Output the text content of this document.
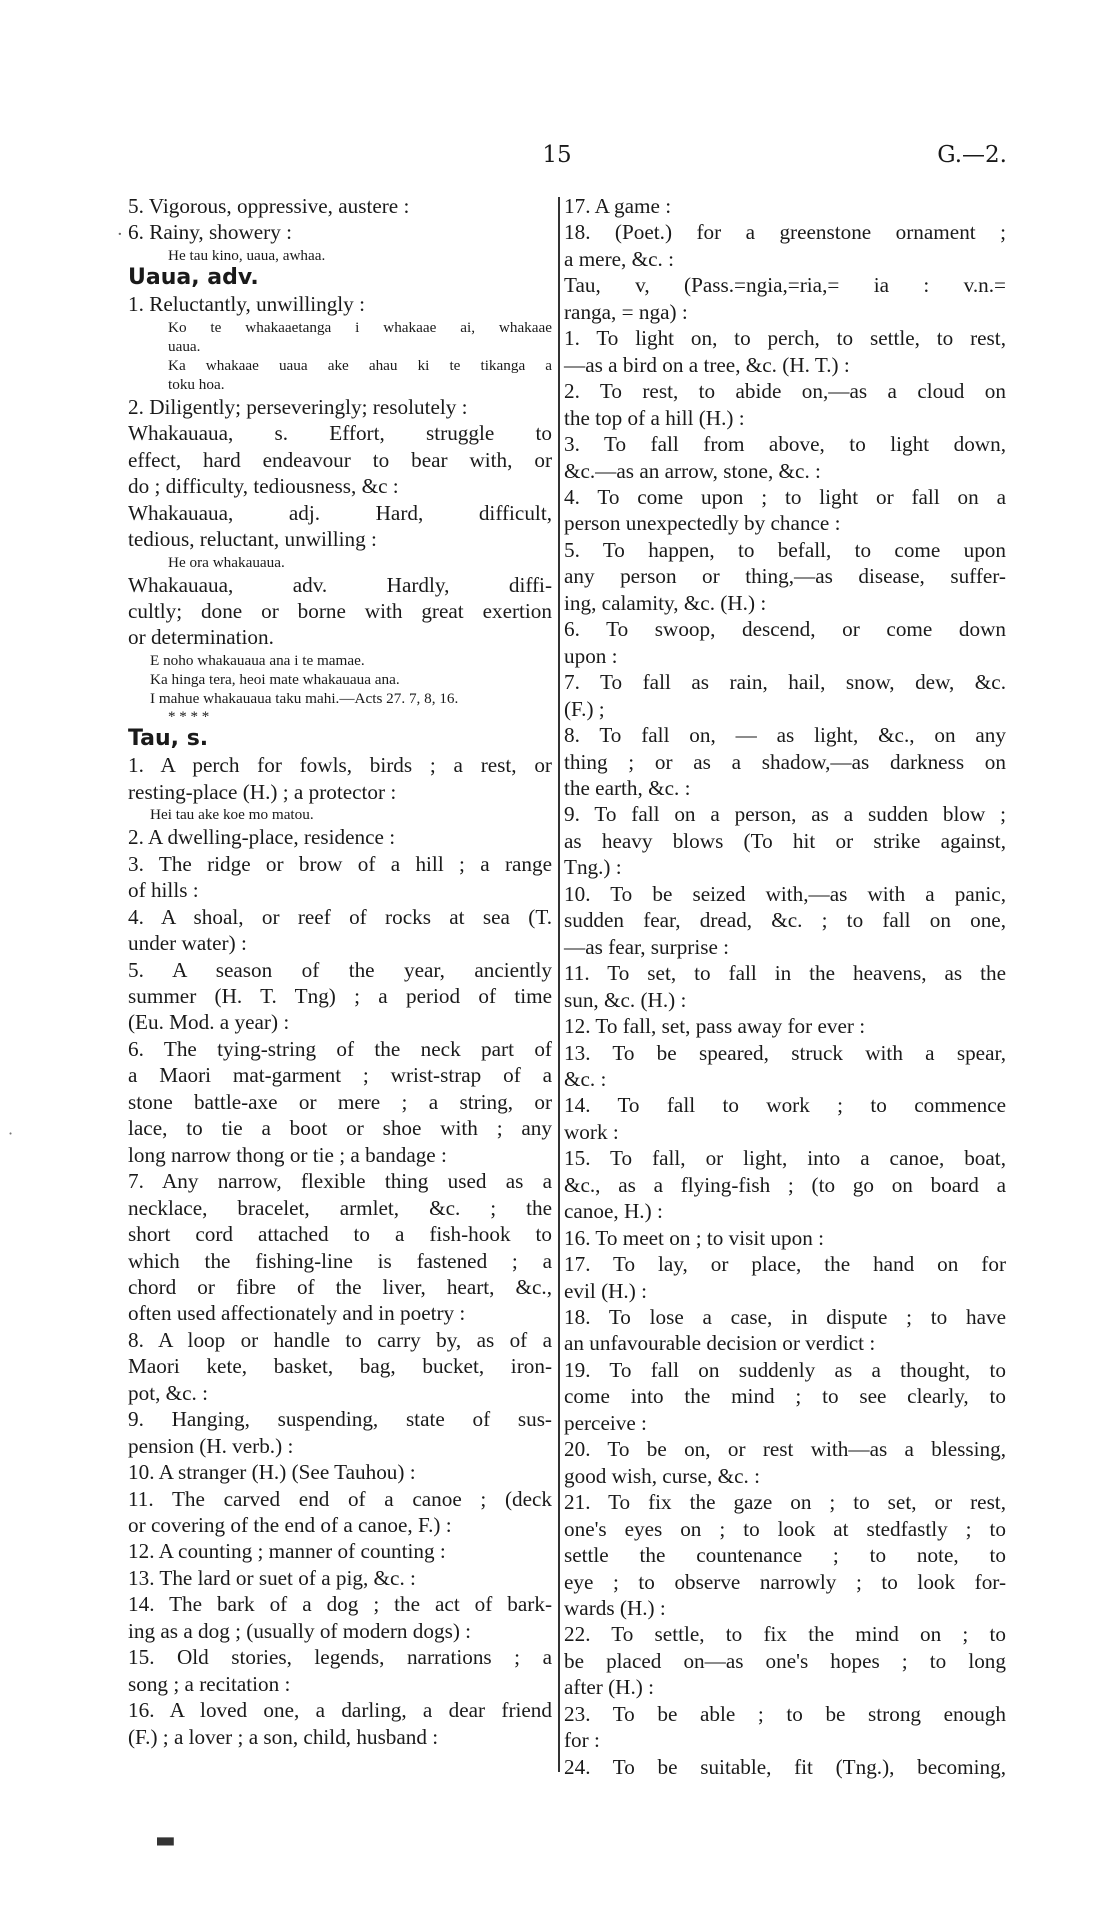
15	G.—2.
·
·
▬
5. Vigorous, oppressive, austere :
6. Rainy, showery :
He tau kino, uaua, awhaa.
Uaua, adv.
1. Reluctantly, unwillingly :
Ko te whakaaetanga i whakaae ai, whakaae
uaua.
Ka whakaae uaua ake ahau ki te tikanga a
toku hoa.
2. Diligently; perseveringly; resolutely :
Whakauaua, s. Effort, struggle to
effect, hard endeavour to bear with, or
do ; difficulty, tediousness, &c :
Whakauaua, adj. Hard, difficult,
tedious, reluctant, unwilling :
He ora whakauaua.
Whakauaua, adv. Hardly, diffi-
cultly; done or borne with great exertion
or determination.
E noho whakauaua ana i te mamae.
Ka hinga tera, heoi mate whakauaua ana.
I mahue whakauaua taku mahi.—Acts 27. 7, 8, 16.
* * * *
Tau, s.
1. A perch for fowls, birds ; a rest, or
resting-place (H.) ; a protector :
Hei tau ake koe mo matou.
2. A dwelling-place, residence :
3. The ridge or brow of a hill ; a range
of hills :
4. A shoal, or reef of rocks at sea (T.
under water) :
5. A season of the year, anciently
summer (H. T. Tng) ; a period of time
(Eu. Mod. a year) :
6. The tying-string of the neck part of
a Maori mat-garment ; wrist-strap of a
stone battle-axe or mere ; a string, or
lace, to tie a boot or shoe with ; any
long narrow thong or tie ; a bandage :
7. Any narrow, flexible thing used as a
necklace, bracelet, armlet, &c. ; the
short cord attached to a fish-hook to
which the fishing-line is fastened ; a
chord or fibre of the liver, heart, &c.,
often used affectionately and in poetry :
8. A loop or handle to carry by, as of a
Maori kete, basket, bag, bucket, iron-
pot, &c. :
9. Hanging, suspending, state of sus-
pension (H. verb.) :
10. A stranger (H.) (See Tauhou) :
11. The carved end of a canoe ; (deck
or covering of the end of a canoe, F.) :
12. A counting ; manner of counting :
13. The lard or suet of a pig, &c. :
14. The bark of a dog ; the act of bark-
ing as a dog ; (usually of modern dogs) :
15. Old stories, legends, narrations ; a
song ; a recitation :
16. A loved one, a darling, a dear friend
(F.) ; a lover ; a son, child, husband :
17. A game :
18. (Poet.) for a greenstone ornament ;
a mere, &c. :
Tau, v, (Pass.=ngia,=ria,= ia : v.n.=
ranga, = nga) :
1. To light on, to perch, to settle, to rest,
—as a bird on a tree, &c. (H. T.) :
2. To rest, to abide on,—as a cloud on
the top of a hill (H.) :
3. To fall from above, to light down,
&c.—as an arrow, stone, &c. :
4. To come upon ; to light or fall on a
person unexpectedly by chance :
5. To happen, to befall, to come upon
any person or thing,—as disease, suffer-
ing, calamity, &c. (H.) :
6. To swoop, descend, or come down
upon :
7. To fall as rain, hail, snow, dew, &c.
(F.) ;
8. To fall on, — as light, &c., on any
thing ; or as a shadow,—as darkness on
the earth, &c. :
9. To fall on a person, as a sudden blow ;
as heavy blows (To hit or strike against,
Tng.) :
10. To be seized with,—as with a panic,
sudden fear, dread, &c. ; to fall on one,
—as fear, surprise :
11. To set, to fall in the heavens, as the
sun, &c. (H.) :
12. To fall, set, pass away for ever :
13. To be speared, struck with a spear,
&c. :
14. To fall to work ; to commence
work :
15. To fall, or light, into a canoe, boat,
&c., as a flying-fish ; (to go on board a
canoe, H.) :
16. To meet on ; to visit upon :
17. To lay, or place, the hand on for
evil (H.) :
18. To lose a case, in dispute ; to have
an unfavourable decision or verdict :
19. To fall on suddenly as a thought, to
come into the mind ; to see clearly, to
perceive :
20. To be on, or rest with—as a blessing,
good wish, curse, &c. :
21. To fix the gaze on ; to set, or rest,
one's eyes on ; to look at stedfastly ; to
settle the countenance ; to note, to
eye ; to observe narrowly ; to look for-
wards (H.) :
22. To settle, to fix the mind on ; to
be placed on—as one's hopes ; to long
after (H.) :
23. To be able ; to be strong enough
for :
24. To be suitable, fit (Tng.), becoming,
